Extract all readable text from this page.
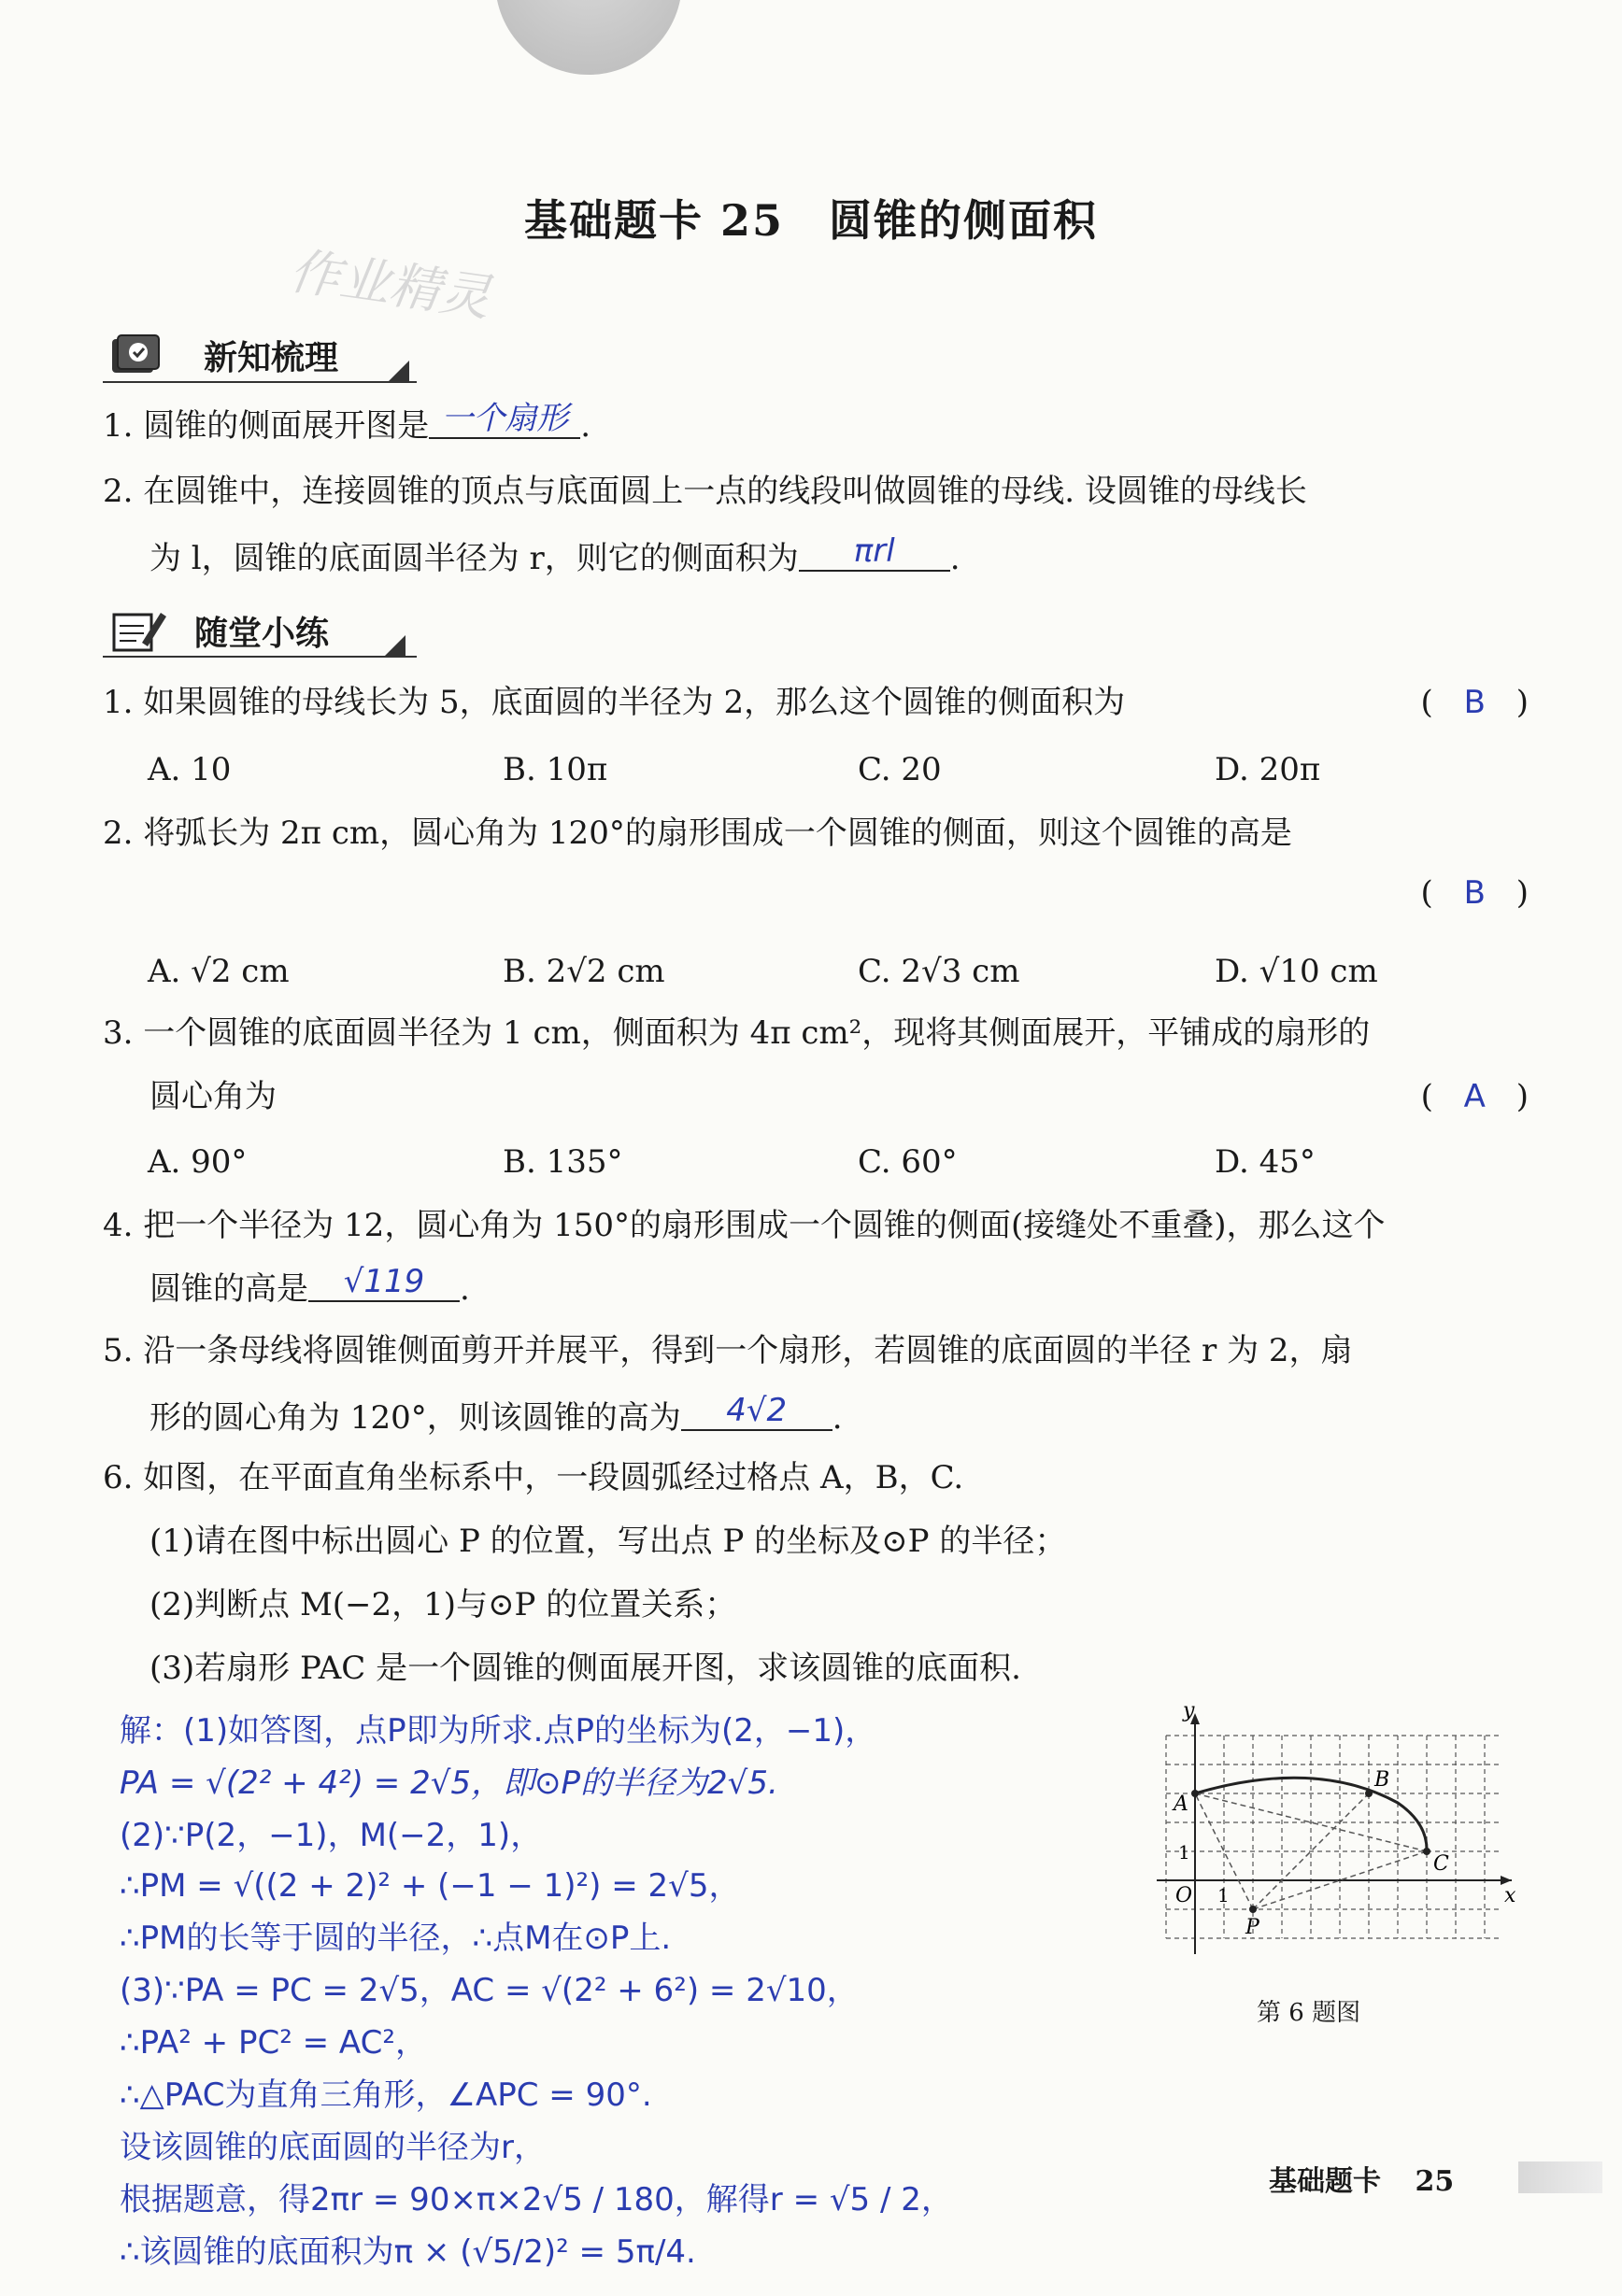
基础题卡 25　圆锥的侧面积
作业精灵
新知梳理
1. 圆锥的侧面展开图是 一个扇形 .
2. 在圆锥中，连接圆锥的顶点与底面圆上一点的线段叫做圆锥的母线. 设圆锥的母线长
为 l，圆锥的底面圆半径为 r，则它的侧面积为 πrl .
随堂小练
1. 如果圆锥的母线长为 5，底面圆的半径为 2，那么这个圆锥的侧面积为	( B )
A. 10	B. 10π	C. 20	D. 20π
2. 将弧长为 2π cm，圆心角为 120°的扇形围成一个圆锥的侧面，则这个圆锥的高是
( B )
A. √2 cm	B. 2√2 cm	C. 2√3 cm	D. √10 cm
3. 一个圆锥的底面圆半径为 1 cm，侧面积为 4π cm²，现将其侧面展开，平铺成的扇形的
圆心角为	( A )
A. 90°	B. 135°	C. 60°	D. 45°
4. 把一个半径为 12，圆心角为 150°的扇形围成一个圆锥的侧面(接缝处不重叠)，那么这个
圆锥的高是 √119 .
5. 沿一条母线将圆锥侧面剪开并展平，得到一个扇形，若圆锥的底面圆的半径 r 为 2，扇
形的圆心角为 120°，则该圆锥的高为 4√2 .
6. 如图，在平面直角坐标系中，一段圆弧经过格点 A，B，C.
(1)请在图中标出圆心 P 的位置，写出点 P 的坐标及⊙P 的半径；
(2)判断点 M(−2，1)与⊙P 的位置关系；
(3)若扇形 PAC 是一个圆锥的侧面展开图，求该圆锥的底面积.
解：(1)如答图，点P即为所求.点P的坐标为(2，−1)，
PA = √(2² + 4²) = 2√5，即⊙P的半径为2√5.
(2)∵P(2，−1)，M(−2，1)，
∴PM = √((2 + 2)² + (−1 − 1)²) = 2√5，
∴PM的长等于圆的半径，∴点M在⊙P上.
(3)∵PA = PC = 2√5，AC = √(2² + 6²) = 2√10，
∴PA² + PC² = AC²，
∴△PAC为直角三角形，∠APC = 90°.
设该圆锥的底面圆的半径为r，
根据题意，得2πr = 90×π×2√5 / 180，解得r = √5 / 2，
∴该圆锥的底面积为π × (√5/2)² = 5π/4.
y
x
O 1
1
A
B
C
P
第 6 题图
基础题卡 25
